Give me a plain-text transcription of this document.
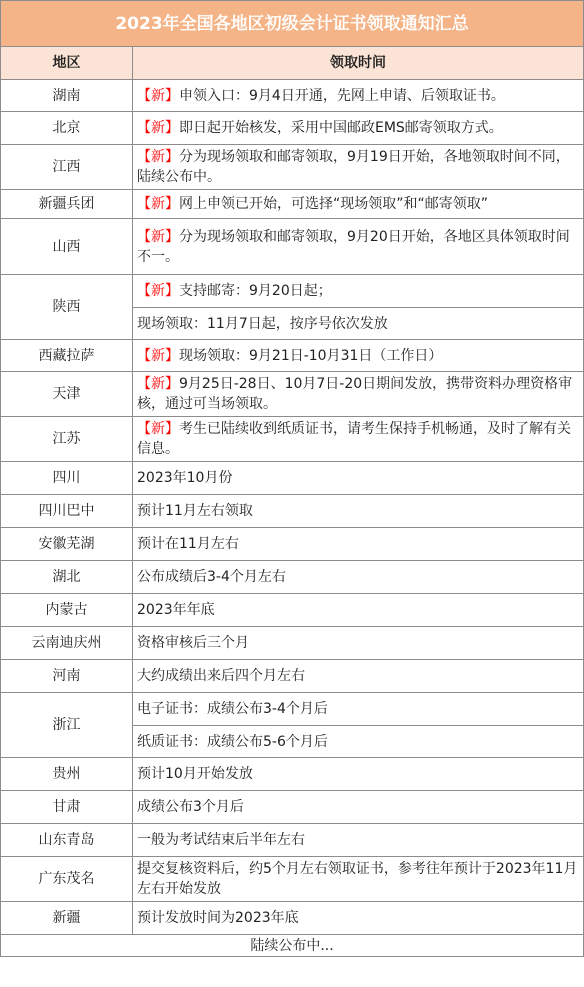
2023年全国各地区初级会计证书领取通知汇总	
地区	领取时间
湖南	【新】申领入口：9月4日开通，先网上申请、后领取证书。
北京	【新】即日起开始核发，采用中国邮政EMS邮寄领取方式。
江西	【新】分为现场领取和邮寄领取，9月19日开始，各地领取时间不同，陆续公布中。
新疆兵团	【新】网上申领已开始，可选择“现场领取”和“邮寄领取”
山西	【新】分为现场领取和邮寄领取，9月20日开始，各地区具体领取时间不一。
陕西	【新】支持邮寄：9月20日起；
	现场领取：11月7日起，按序号依次发放
西藏拉萨	【新】现场领取：9月21日-10月31日（工作日）
天津	【新】9月25日-28日、10月7日-20日期间发放，携带资料办理资格审核，通过可当场领取。
江苏	【新】考生已陆续收到纸质证书，请考生保持手机畅通，及时了解有关信息。
四川	2023年10月份
四川巴中	预计11月左右领取
安徽芜湖	预计在11月左右
湖北	公布成绩后3-4个月左右
内蒙古	2023年年底
云南迪庆州	资格审核后三个月
河南	大约成绩出来后四个月左右
浙江	电子证书：成绩公布3-4个月后
	纸质证书：成绩公布5-6个月后
贵州	预计10月开始发放
甘肃	成绩公布3个月后
山东青岛	一般为考试结束后半年左右
广东茂名	提交复核资料后，约5个月左右领取证书，参考往年预计于2023年11月左右开始发放
新疆	预计发放时间为2023年底
陆续公布中...	
